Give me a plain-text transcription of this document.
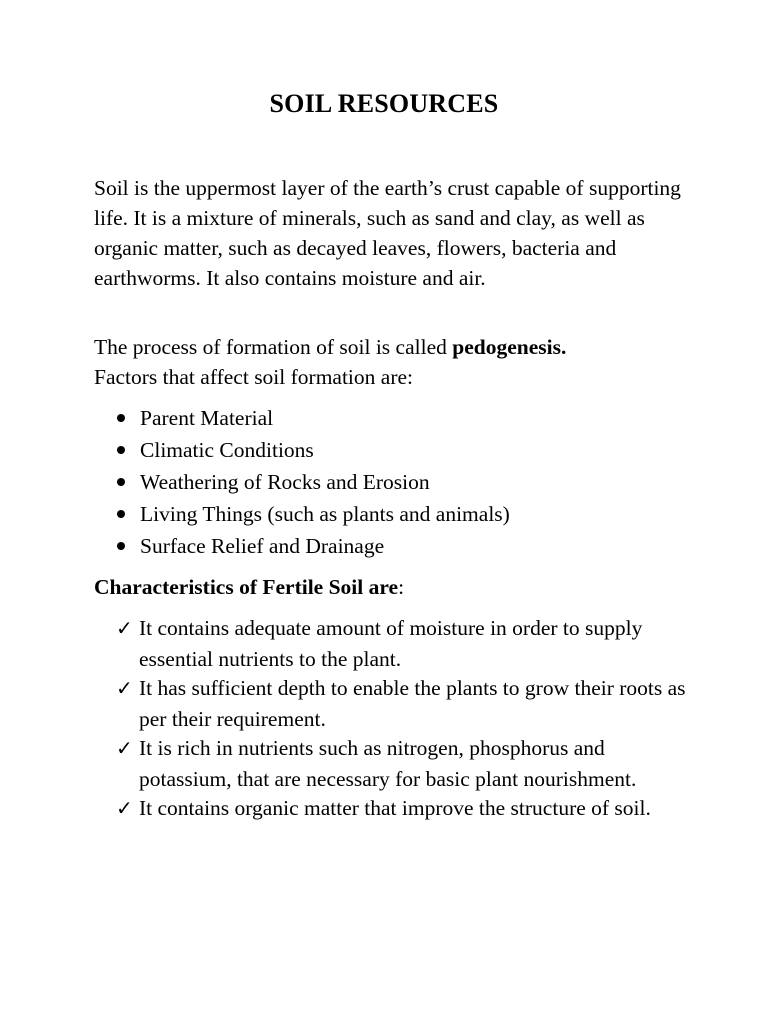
SOIL RESOURCES

Soil is the uppermost layer of the earth’s crust capable of supporting life. It is a mixture of minerals, such as sand and clay, as well as organic matter, such as decayed leaves, flowers, bacteria and earthworms. It also contains moisture and air.

The process of formation of soil is called pedogenesis.
Factors that affect soil formation are:

Parent Material
Climatic Conditions
Weathering of Rocks and Erosion
Living Things (such as plants and animals)
Surface Relief and Drainage
Characteristics of Fertile Soil are:
✓ It contains adequate amount of moisture in order to supply essential nutrients to the plant.
✓ It has sufficient depth to enable the plants to grow their roots as per their requirement.
✓ It is rich in nutrients such as nitrogen, phosphorus and potassium, that are necessary for basic plant nourishment.
✓ It contains organic matter that improve the structure of soil.
